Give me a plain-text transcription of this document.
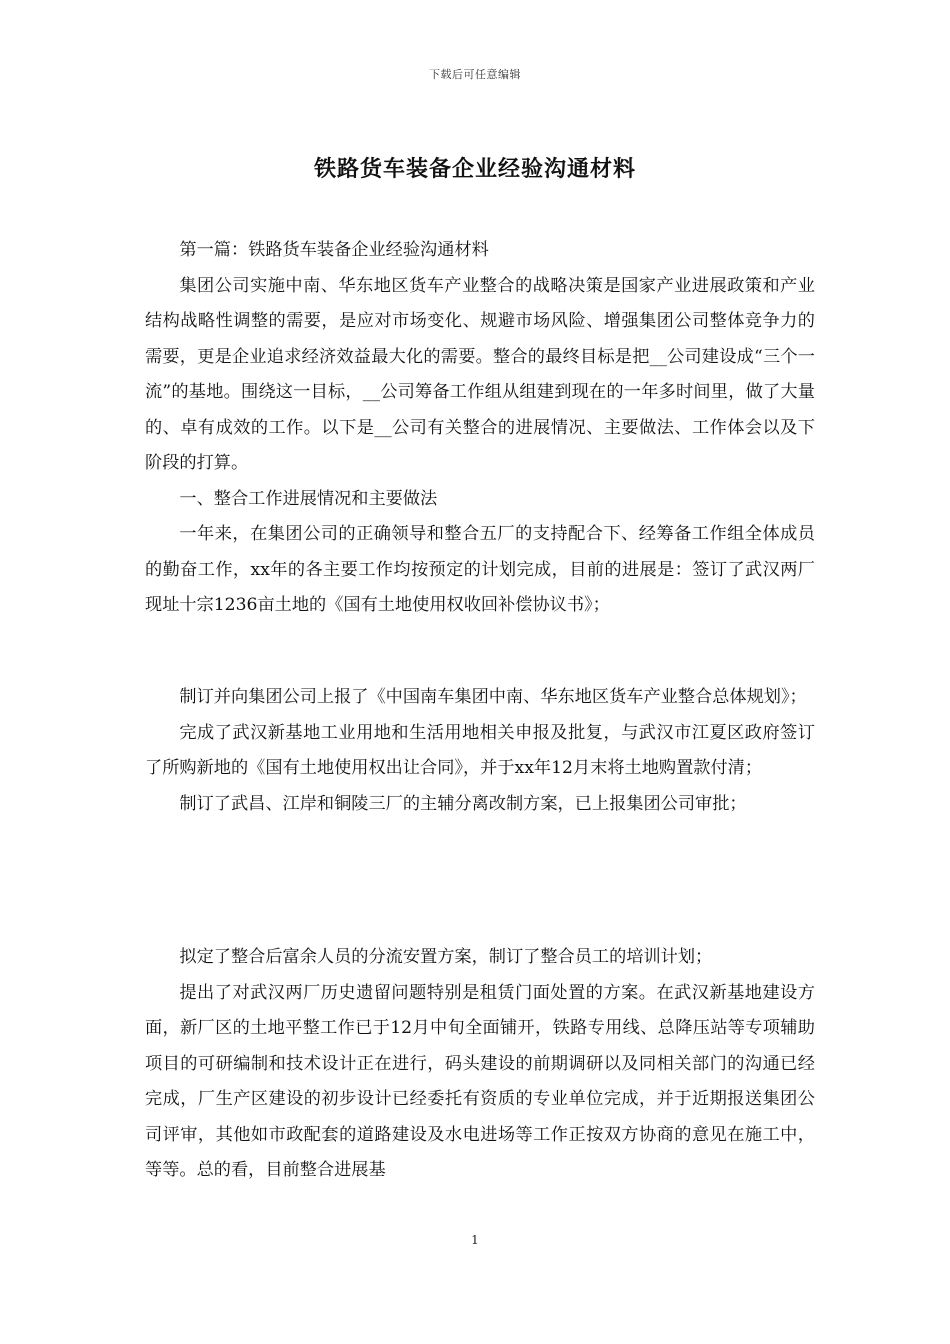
下载后可任意编辑
铁路货车装备企业经验沟通材料

第一篇：铁路货车装备企业经验沟通材料

集团公司实施中南、华东地区货车产业整合的战略决策是国家产业进展政策和产业结构战略性调整的需要，是应对市场变化、规避市场风险、增强集团公司整体竞争力的需要，更是企业追求经济效益最大化的需要。整合的最终目标是把__公司建设成“三个一流”的基地。围绕这一目标，__公司筹备工作组从组建到现在的一年多时间里，做了大量的、卓有成效的工作。以下是__公司有关整合的进展情况、主要做法、工作体会以及下阶段的打算。

一、整合工作进展情况和主要做法

一年来，在集团公司的正确领导和整合五厂的支持配合下、经筹备工作组全体成员的勤奋工作，xx年的各主要工作均按预定的计划完成，目前的进展是：签订了武汉两厂现址十宗1236亩土地的《国有土地使用权收回补偿协议书》；

制订并向集团公司上报了《中国南车集团中南、华东地区货车产业整合总体规划》；

完成了武汉新基地工业用地和生活用地相关申报及批复，与武汉市江夏区政府签订了所购新地的《国有土地使用权出让合同》，并于xx年12月末将土地购置款付清；

制订了武昌、江岸和铜陵三厂的主辅分离改制方案，已上报集团公司审批；

拟定了整合后富余人员的分流安置方案，制订了整合员工的培训计划；

提出了对武汉两厂历史遗留问题特别是租赁门面处置的方案。在武汉新基地建设方面，新厂区的土地平整工作已于12月中旬全面铺开，铁路专用线、总降压站等专项辅助项目的可研编制和技术设计正在进行，码头建设的前期调研以及同相关部门的沟通已经完成，厂生产区建设的初步设计已经委托有资质的专业单位完成，并于近期报送集团公司评审，其他如市政配套的道路建设及水电进场等工作正按双方协商的意见在施工中，等等。总的看，目前整合进展基

1
